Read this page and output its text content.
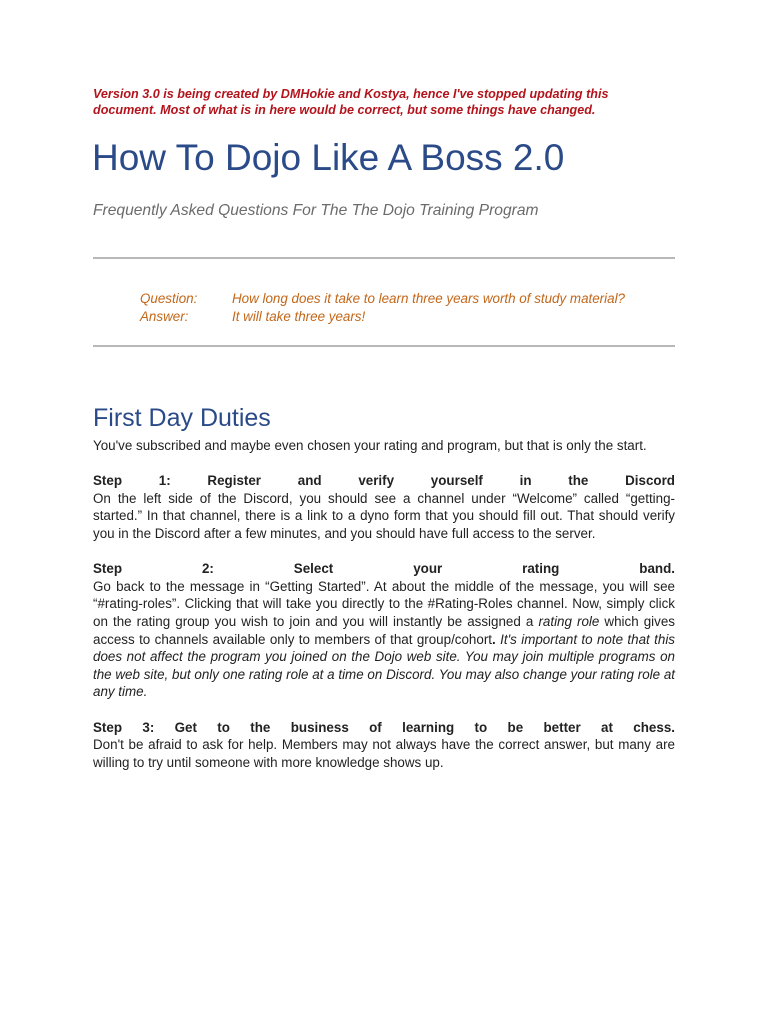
Version 3.0 is being created by DMHokie and Kostya, hence I've stopped updating this document. Most of what is in here would be correct, but some things have changed.
How To Dojo Like A Boss 2.0

Frequently Asked Questions For The The Dojo Training Program

Question:	How long does it take to learn three years worth of study material?
Answer:	It will take three years!
First Day Duties

You've subscribed and maybe even chosen your rating and program, but that is only the start.

Step 1: Register and verify yourself in the Discord

On the left side of the Discord, you should see a channel under “Welcome” called “getting-started.” In that channel, there is a link to a dyno form that you should fill out. That should verify you in the Discord after a few minutes, and you should have full access to the server.

Step 2: Select your rating band.

Go back to the message in “Getting Started”. At about the middle of the message, you will see “#rating-roles”. Clicking that will take you directly to the #Rating-Roles channel. Now, simply click on the rating group you wish to join and you will instantly be assigned a rating role which gives access to channels available only to members of that group/cohort. It's important to note that this does not affect the program you joined on the Dojo web site. You may join multiple programs on the web site, but only one rating role at a time on Discord. You may also change your rating role at any time.

Step 3: Get to the business of learning to be better at chess.

Don't be afraid to ask for help. Members may not always have the correct answer, but many are willing to try until someone with more knowledge shows up.
